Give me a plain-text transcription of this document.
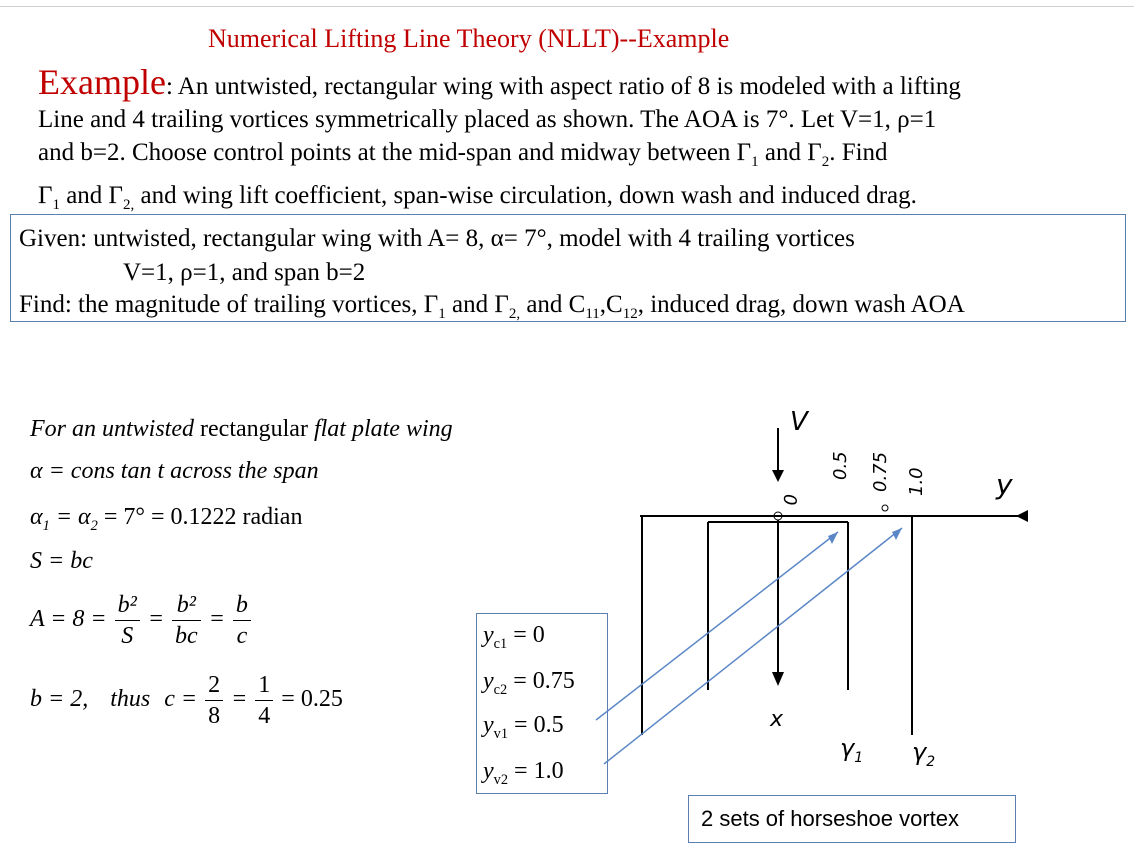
Numerical Lifting Line Theory (NLLT)--Example
Example: An untwisted, rectangular wing with aspect ratio of 8 is modeled with a lifting
Line and 4 trailing vortices symmetrically placed as shown. The AOA is 7°. Let V=1, ρ=1
and b=2. Choose control points at the mid-span and midway between $\Gamma_1$ and $\Gamma_2$. Find
$\Gamma_1$ and $\Gamma_{2,}$ and wing lift coefficient, span-wise circulation, down wash and induced drag.
Given: untwisted, rectangular wing with A= 8, α= 7°, model with 4 trailing vortices
V=1, ρ=1, and span b=2
Find: the magnitude of trailing vortices, $\Gamma_1$ and $\Gamma_{2,}$ and $C_{11},C_{12}$, induced drag, down wash AOA
For an untwisted rectangular flat plate wing
α = cons tan t across the span
$\alpha_1 = \alpha_2 = 7^\circ = 0.1222$ radian
S = bc
$A = 8 = \frac{\text{b²}}{S} = \frac{\text{b²}}{bc} = \frac{b}{c}$
b = 2, thus $c = \frac{2}{8} = \frac{1}{4} = 0.25$
$y_{c1} = 0$
$y_{c2} = 0.75$
$y_{v1} = 0.5$
$y_{v2} = 1.0$
V
y
0
0.5 0.75 1.0
x
$\gamma_1$ $\gamma_2$
2 sets of horseshoe vortex
